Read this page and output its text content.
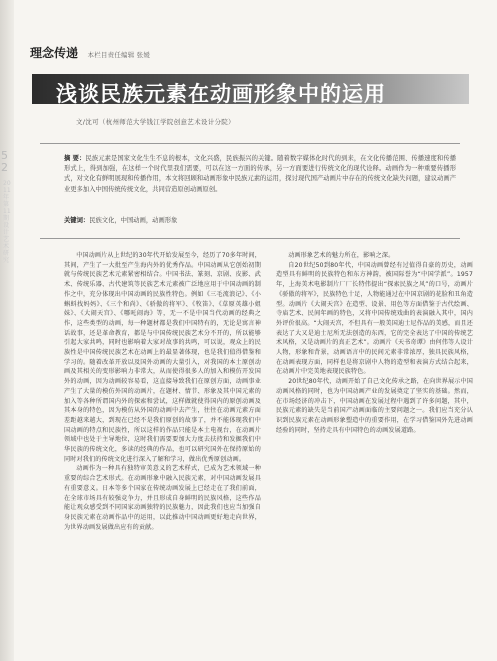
52
2011年第11期 设计艺术研究
理念传递 本栏目责任编辑 张媛
浅谈民族元素在动画形象中的运用
文/沈可（杭州师范大学钱江学院创意艺术设计分院）
摘 要：民族元素是国家文化生生不息的根本，文化兴盛，民族振兴的关键。随着数字媒体化时代的到来，在文化传播范围、传播速度和传播形式上，得到加强，在这样一个时代里我们需要，可以在这一方面的传承，另一方面要进行传统文化的现代诠释。动画作为一种重要传播形式，对文化有鲜明展现和传播作用，本文将回顾和动画形象中民族元素的运用，探讨现代国产动画片中存在的传统文化缺失问题，建议动画产业更多加入中国传统传统文化，共同营造原创动画原创。
关键词：民族文化，中国动画，动画形象

中国动画片从上世纪的30年代开始发展至今，经历了70多年时间，其间，产生了一大批至产生海内外的优秀作品。中国动画从它创始初期就与传统民族艺术元素紧密相结合。中国书法、篆刻、京剧、皮影、武术、传统乐器、古代建筑等民族艺术元素被广泛地应用于中国动画的制作之中，充分体现出中国动画的民族性特色。例如《三毛流浪记》、《小蝌蚪找妈妈》、《三个和尚》、《骄傲的将军》、《牧笛》、《草原英雄小姐妹》、《大闹天宫》、《哪吒闹海》等，无一不是中国当代动画的经典之作，这些类型的动画，每一种题材都是我们中国特有的，无论是寓言神话故事，还是革命教育，都是与中国传统民族艺术分不开的，所以能够引起大家共鸣，同时也影响着大家对故事的共鸣，可以说，观众上的民族性是中国传统民族艺术在动画上的最显著体现，也是我们值得借鉴和学习的。随着改革开放以及国外动画的大量引入，对我国的本土原创动画及其相关的变形影响力非常大，从而使得很多人的加入和模仿开发国外的动画，因为动画较容易看，这直接导致我们在原创方面，动画事业产生了大量的模仿外国的动画片，在题材、情节、形象及其中国元素的加入等各种所谓国内外的探索和尝试，这样做就使得国内的原创动画及其本身的特色，因为模仿从外国的动画中去产生，往往在动画元素方面差距越来越大，到现在已经不是我们原创的故事了，并不能体现我们中国动画的特点和民族性，所以这样的作品只能是本土电视台，在动画片领域中也处于主导地位，这时我们需要要加大力度去扶持和发掘我们中华民族的传统文化，多读的经典的作品，也可以研究国外在保持原始的同时对我们的传统文化进行深入了解和学习，做出优秀原创动画。

动画作为一种具有独特审美意义的艺术样式，已成为艺术领域一种重要的综合艺术形式。在动画形象中融入民族元素，对中国动画发展具有重要意义。日本等多个国家在传统动画发展上已经走在了我们前面，在全球市场具有较强竞争力，并且形成自身鲜明的民族风格，这些作品能让观众感受到不同国家动画独特的民族魅力，因此我们也应当加强自身民族元素在动画作品中的运用，以此推动中国动画更好地走向世界，为世界动画发展做出应有的贡献。

动画形象艺术的魅力所在，影响之深。

自20世纪50到80年代，中国动画曾经有过值得自豪的历史，动画造型具有鲜明的民族特色和东方神韵，被国际誉为“中国学派”。1957年，上海美术电影制片厂厂长特伟提出“探索民族之风”的口号，动画片《骄傲的将军》，民族特色十足，人物能通过在中国京剧的花脸和丑角造型。动画片《大闹天宫》在造型、设景、用色等方面借鉴于古代绘画、寺庙艺术、民间年画的特色，又将中国传统戏曲的表演融入其中，国内外评价很高。“大闹天宫，不但具有一般美国迪士尼作品的美感，而且还表达了大又是迪士尼所无法创造的东西，它的完全表达了中国的传统艺术风格，又是动画片的真正艺术”。动画片《天书奇谭》由何伟等人设计人物，形象和背景，动画语言中的民间元素非常浓厚，独具民族风格，在动画表现方面，同样也是将京剧中人物的造型和表演方式结合起来，在动画片中完美地表现民族特色。

20世纪80年代，动画开始了自己文化传承之路，在向世界展示中国动画风格的同时，也为中国动画产业的发展奠定了坚实的基础。然而，在市场经济的冲击下，中国动画在发展过程中遇到了许多问题，其中，民族元素的缺失是当前国产动画面临的主要问题之一。我们应当充分认识到民族元素在动画形象塑造中的重要作用，在学习借鉴国外先进动画经验的同时，坚持走具有中国特色的动画发展道路。
